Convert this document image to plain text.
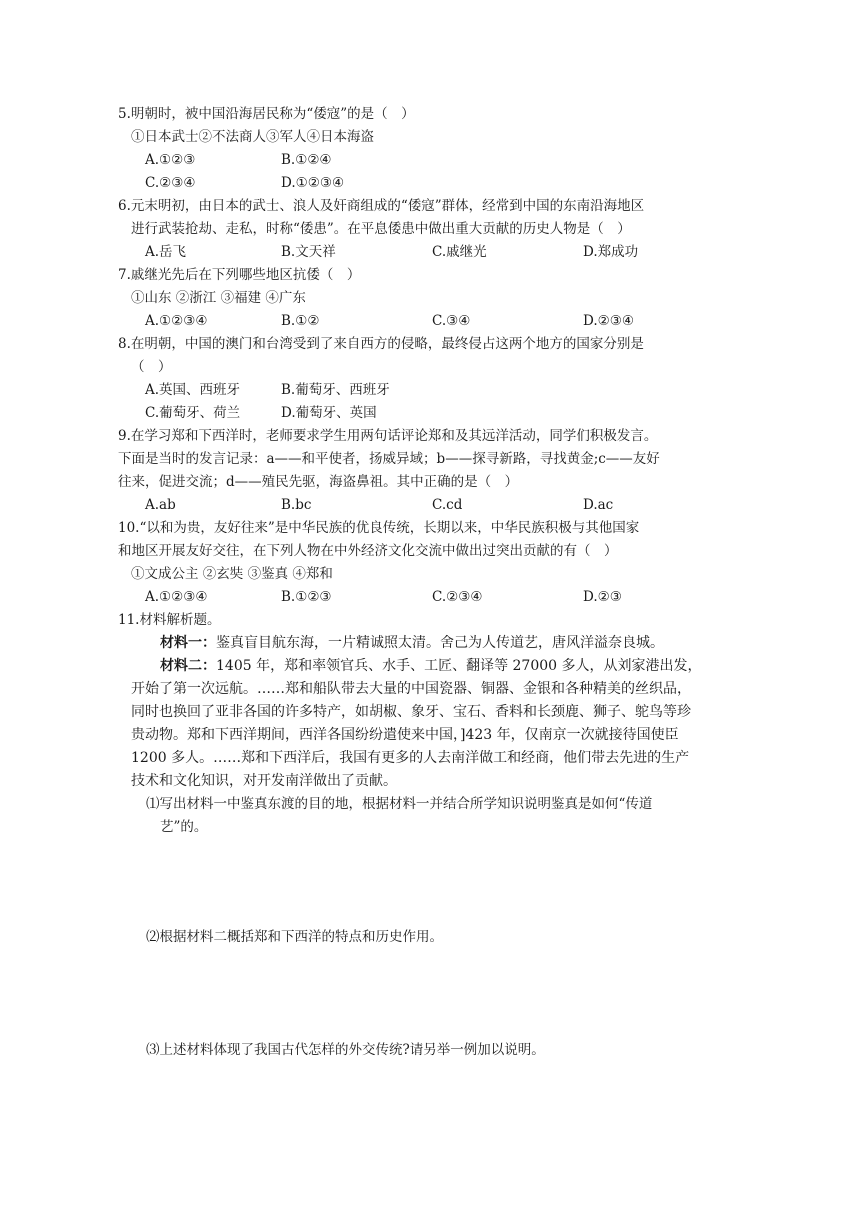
5.明朝时，被中国沿海居民称为“倭寇”的是（　）
①日本武士②不法商人③军人④日本海盗
A.①②③	B.①②④
C.②③④	D.①②③④
6.元末明初，由日本的武士、浪人及奸商组成的“倭寇”群体，经常到中国的东南沿海地区
进行武装抢劫、走私，时称“倭患”。在平息倭患中做出重大贡献的历史人物是（　）
A.岳飞	B.文天祥	C.戚继光	D.郑成功
7.戚继光先后在下列哪些地区抗倭（　）
①山东 ②浙江 ③福建 ④广东
A.①②③④	B.①②	C.③④	D.②③④
8.在明朝，中国的澳门和台湾受到了来自西方的侵略，最终侵占这两个地方的国家分别是
（　）
A.英国、西班牙	B.葡萄牙、西班牙
C.葡萄牙、荷兰	D.葡萄牙、英国
9.在学习郑和下西洋时，老师要求学生用两句话评论郑和及其远洋活动，同学们积极发言。
下面是当时的发言记录：a——和平使者，扬威异域；b——探寻新路，寻找黄金;c——友好
往来，促进交流；d——殖民先驱，海盗鼻祖。其中正确的是（　）
A.ab	B.bc	C.cd	D.ac
10.“以和为贵，友好往来”是中华民族的优良传统，长期以来，中华民族积极与其他国家
和地区开展友好交往，在下列人物在中外经济文化交流中做出过突出贡献的有（　）
①文成公主 ②玄奘 ③鉴真 ④郑和
A.①②③④	B.①②③	C.②③④	D.②③
11.材料解析题。
材料一：鉴真盲目航东海，一片精诚照太清。舍己为人传道艺，唐风洋溢奈良城。
材料二：1405 年，郑和率领官兵、水手、工匠、翻译等 27000 多人，从刘家港出发，
开始了第一次远航。……郑和船队带去大量的中国瓷器、铜器、金银和各种精美的丝织品，
同时也换回了亚非各国的许多特产，如胡椒、象牙、宝石、香料和长颈鹿、狮子、鸵鸟等珍
贵动物。郑和下西洋期间，西洋各国纷纷遣使来中国，]423 年，仅南京一次就接待国使臣
1200 多人。……郑和下西洋后，我国有更多的人去南洋做工和经商，他们带去先进的生产
技术和文化知识，对开发南洋做出了贡献。
⑴写出材料一中鉴真东渡的目的地，根据材料一并结合所学知识说明鉴真是如何“传道
艺”的。
⑵根据材料二概括郑和下西洋的特点和历史作用。
⑶上述材料体现了我国古代怎样的外交传统?请另举一例加以说明。
